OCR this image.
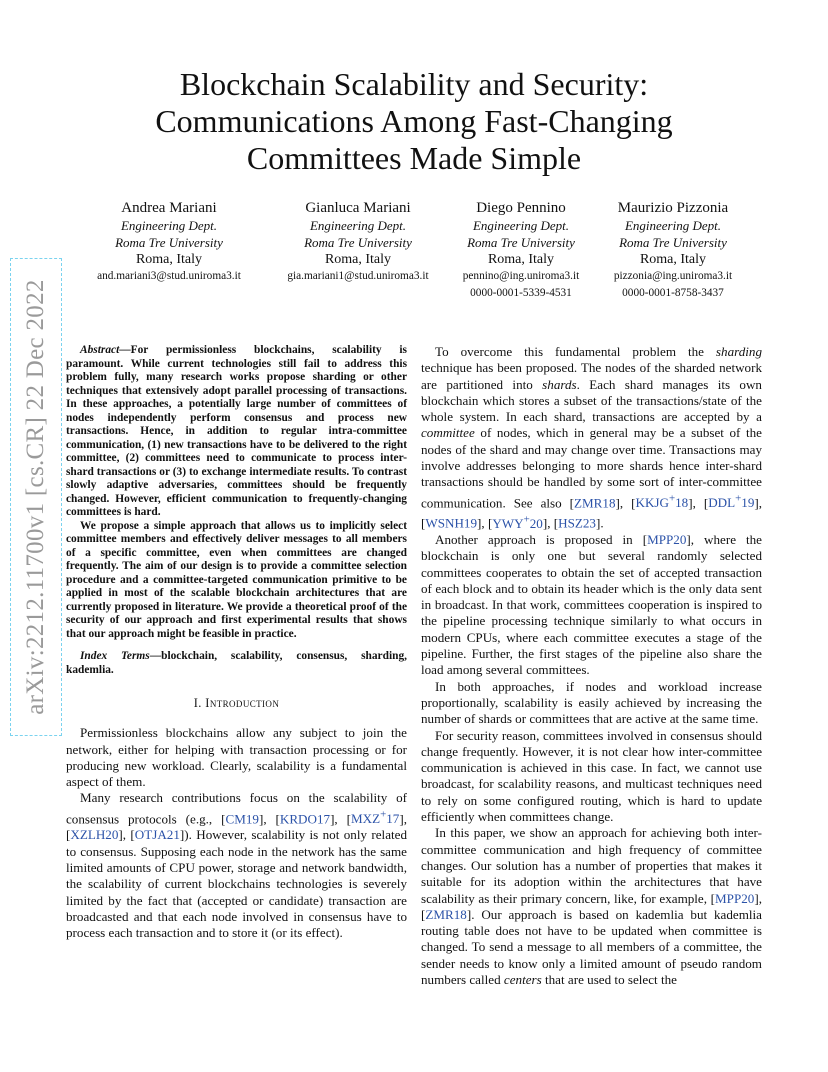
arXiv:2212.11700v1 [cs.CR] 22 Dec 2022
Blockchain Scalability and Security:
Communications Among Fast-Changing
Committees Made Simple
Andrea Mariani
Engineering Dept.
Roma Tre University
Roma, Italy
and.mariani3@stud.uniroma3.it
Gianluca Mariani
Engineering Dept.
Roma Tre University
Roma, Italy
gia.mariani1@stud.uniroma3.it
Diego Pennino
Engineering Dept.
Roma Tre University
Roma, Italy
pennino@ing.uniroma3.it
0000-0001-5339-4531
Maurizio Pizzonia
Engineering Dept.
Roma Tre University
Roma, Italy
pizzonia@ing.uniroma3.it
0000-0001-8758-3437

Abstract—For permissionless blockchains, scalability is paramount. While current technologies still fail to address this problem fully, many research works propose sharding or other techniques that extensively adopt parallel processing of transactions. In these approaches, a potentially large number of committees of nodes independently perform consensus and process new transactions. Hence, in addition to regular intra-committee communication, (1) new transactions have to be delivered to the right committee, (2) committees need to communicate to process inter-shard transactions or (3) to exchange intermediate results. To contrast slowly adaptive adversaries, committees should be frequently changed. However, efficient communication to frequently-changing committees is hard.

We propose a simple approach that allows us to implicitly select committee members and effectively deliver messages to all members of a specific committee, even when committees are changed frequently. The aim of our design is to provide a committee selection procedure and a committee-targeted communication primitive to be applied in most of the scalable blockchain architectures that are currently proposed in literature. We provide a theoretical proof of the security of our approach and first experimental results that shows that our approach might be feasible in practice.

Index Terms—blockchain, scalability, consensus, sharding, kademlia.

I. Introduction

Permissionless blockchains allow any subject to join the network, either for helping with transaction processing or for producing new workload. Clearly, scalability is a fundamental aspect of them.

Many research contributions focus on the scalability of consensus protocols (e.g., [CM19], [KRDO17], [MXZ+17], [XZLH20], [OTJA21]). However, scalability is not only related to consensus. Supposing each node in the network has the same limited amounts of CPU power, storage and network bandwidth, the scalability of current blockchains technologies is severely limited by the fact that (accepted or candidate) transaction are broadcasted and that each node involved in consensus have to process each transaction and to store it (or its effect).

To overcome this fundamental problem the sharding technique has been proposed. The nodes of the sharded network are partitioned into shards. Each shard manages its own blockchain which stores a subset of the transactions/state of the whole system. In each shard, transactions are accepted by a committee of nodes, which in general may be a subset of the nodes of the shard and may change over time. Transactions may involve addresses belonging to more shards hence inter-shard transactions should be handled by some sort of inter-committee communication. See also [ZMR18], [KKJG+18], [DDL+19], [WSNH19], [YWY+20], [HSZ23].

Another approach is proposed in [MPP20], where the blockchain is only one but several randomly selected committees cooperates to obtain the set of accepted transaction of each block and to obtain its header which is the only data sent in broadcast. In that work, committees cooperation is inspired to the pipeline processing technique similarly to what occurs in modern CPUs, where each committee executes a stage of the pipeline. Further, the first stages of the pipeline also share the load among several committees.

In both approaches, if nodes and workload increase proportionally, scalability is easily achieved by increasing the number of shards or committees that are active at the same time.

For security reason, committees involved in consensus should change frequently. However, it is not clear how inter-committee communication is achieved in this case. In fact, we cannot use broadcast, for scalability reasons, and multicast techniques need to rely on some configured routing, which is hard to update efficiently when committees change.

In this paper, we show an approach for achieving both inter-committee communication and high frequency of committee changes. Our solution has a number of properties that makes it suitable for its adoption within the architectures that have scalability as their primary concern, like, for example, [MPP20], [ZMR18]. Our approach is based on kademlia but kademlia routing table does not have to be updated when committee is changed. To send a message to all members of a committee, the sender needs to know only a limited amount of pseudo random numbers called centers that are used to select the
